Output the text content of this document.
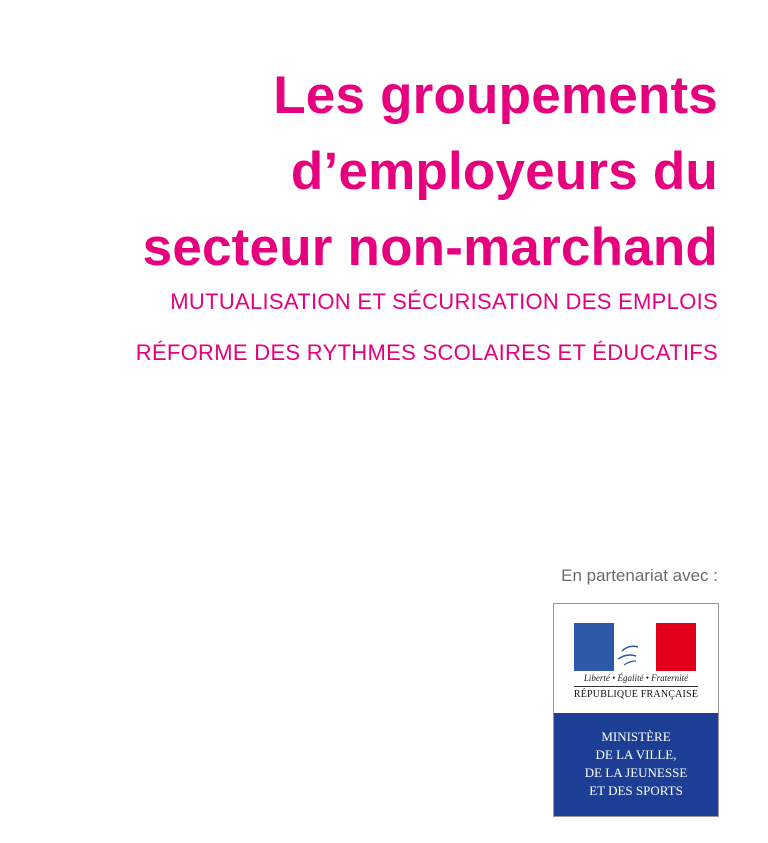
Les groupements
d’employeurs du
secteur non-marchand
MUTUALISATION ET SÉCURISATION DES EMPLOIS
RÉFORME DES RYTHMES SCOLAIRES ET ÉDUCATIFS
En partenariat avec :
Liberté • Égalité • Fraternité
RÉPUBLIQUE FRANÇAISE
MINISTÈRE
DE LA VILLE,
DE LA JEUNESSE
ET DES SPORTS
